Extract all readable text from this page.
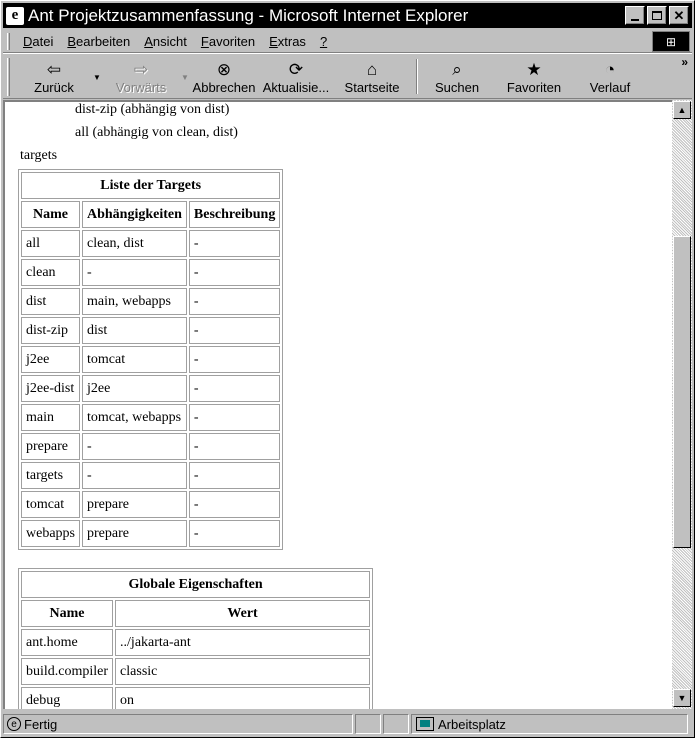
e Ant Projektzusammenfassung - Microsoft Internet Explorer	✕
Datei	Bearbeiten	Ansicht	Favoriten	Extras	?	⊞
⇦
Zurück
▼ ⇨
Vorwärts
▼ ⊗
Abbrechen
⟳
Aktualisie...
⌂
Startseite
⌕
Suchen
★
Favoriten
◔
Verlauf
»
dist-zip (abhängig von dist)
all (abhängig von clean, dist)
targets
Liste der Targets		
Name	Abhängigkeiten	Beschreibung
all	clean, dist	-
clean	-	-
dist	main, webapps	-
dist-zip	dist	-
j2ee	tomcat	-
j2ee-dist	j2ee	-
main	tomcat, webapps	-
prepare	-	-
targets	-	-
tomcat	prepare	-
webapps	prepare	-
Globale Eigenschaften	
Name	Wert
ant.home	../jakarta-ant
build.compiler	classic
debug	on
▲
▼
e Fertig	Arbeitsplatz
